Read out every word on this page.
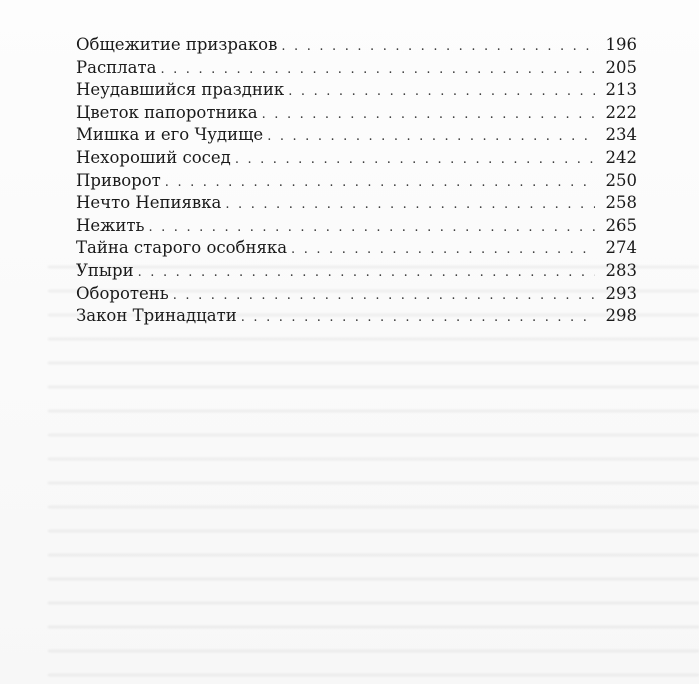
Общежитие призраков . . .	196
Расплата . . .	205
Неудавшийся праздник . . .	213
Цветок папоротника . . .	222
Мишка и его Чудище . . .	234
Нехороший сосед . . .	242
Приворот . . .	250
Нечто Непиявка . . .	258
Нежить . . .	265
Тайна старого особняка . . .	274
Упыри . . .	283
Оборотень . . .	293
Закон Тринадцати . . .	298
